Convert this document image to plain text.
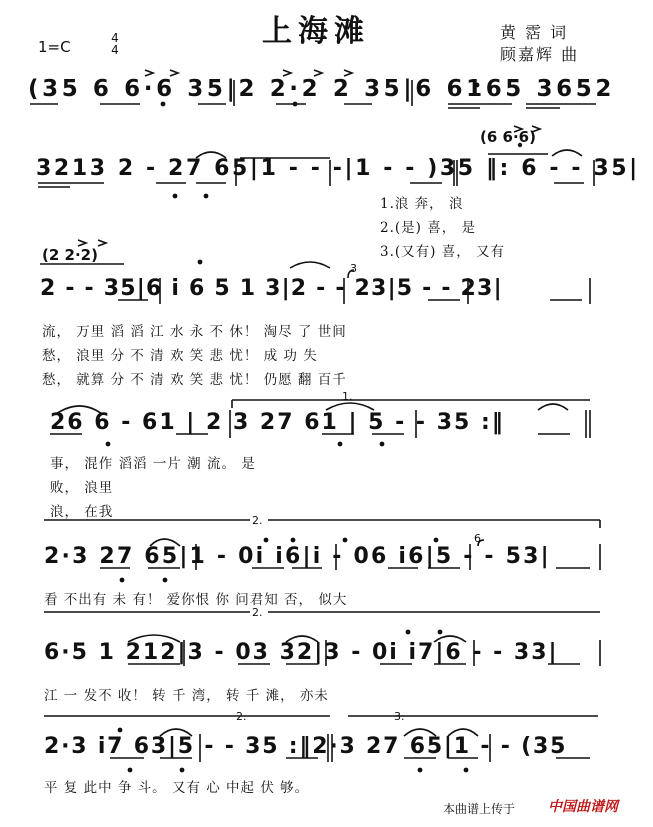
上海滩
1=C	4
4
黄 霑 词
顾嘉辉 曲
(35 6 6·6 35|2 2·2 2 35|6 6165 3652
(6 6·6)
3213 2 - 27 65|1 - - -|1 - - )35 ‖: 6 - - 35|
1.浪 奔， 浪
2.(是) 喜， 是
3.(又有) 喜， 又有
(2 2·2)
3
2 - - 35|6 i 6 5 1 3|2 - - 23|5 - - 23|
流， 万里 滔 滔 江 水 永 不 休！ 淘尽 了 世间
愁， 浪里 分 不 清 欢 笑 悲 忧！ 成 功 失
愁， 就算 分 不 清 欢 笑 悲 忧！ 仍愿 翻 百千
1.
26 6 - 61 | 2 3 27 61 | 5 - - 35 :‖
事， 混作 滔滔 一片 潮 流。 是
败， 浪里
浪， 在我
2.
6
2·3 27 65|1 - 0i i6|i - 06 i6|5 - - 53|
看 不出有 未 有！ 爱你恨 你 问君知 否， 似大
2.
6·5 1 212|3 - 03 32|3 - 0i i7|6 - - 33|
江 一 发不 收！ 转 千 湾， 转 千 滩， 亦未
2.	3.
2·3 i7 63|5 - - 35 :‖2·3 27 65|1 - - (35
平 复 此中 争 斗。 又有 心 中起 伏 够。
本曲谱上传于 中国曲谱网
